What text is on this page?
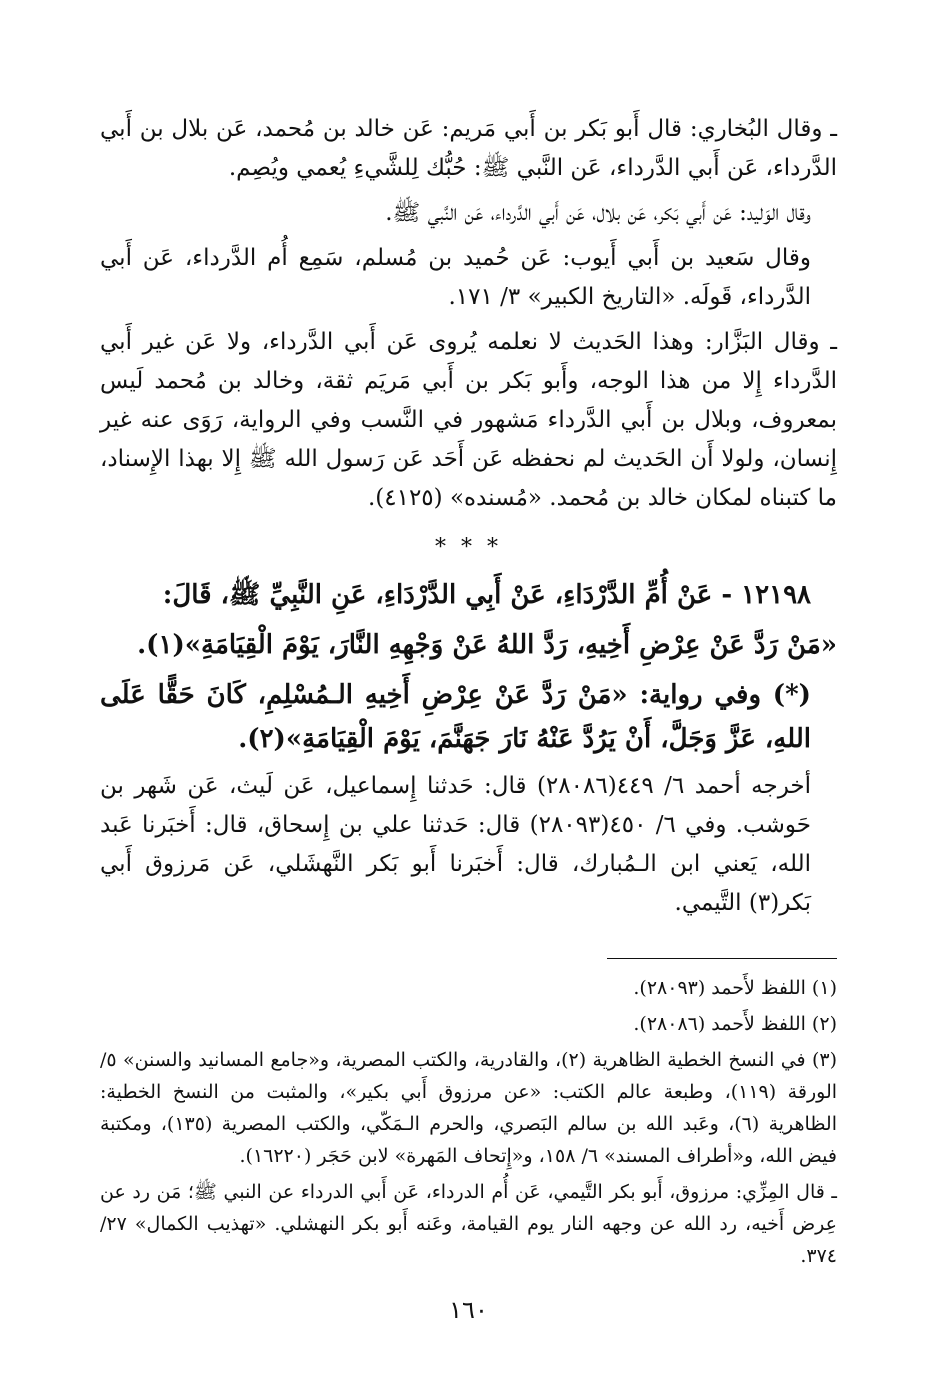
ـ وقال البُخاري: قال أَبو بَكر بن أَبي مَريم: عَن خالد بن مُحمد، عَن بلال بن أَبي الدَّرداء، عَن أَبي الدَّرداء، عَن النَّبي ﷺ: حُبُّك لِلشَّيءِ يُعمي ويُصِم.

وقال الوَليد: عَن أَبي بَكر، عَن بلال، عَن أَبي الدَّرداء، عَن النَّبي ﷺ.

وقال سَعيد بن أَبي أَيوب: عَن حُميد بن مُسلم، سَمِع أُم الدَّرداء، عَن أَبي الدَّرداء، قَولَه. «التاريخ الكبير» ٣/ ١٧١.

ـ وقال البَزَّار: وهذا الحَديث لا نعلمه يُروى عَن أَبي الدَّرداء، ولا عَن غير أَبي الدَّرداء إِلا من هذا الوجه، وأَبو بَكر بن أَبي مَريَم ثقة، وخالد بن مُحمد لَيس بمعروف، وبلال بن أَبي الدَّرداء مَشهور في النَّسب وفي الرواية، رَوَى عنه غير إِنسان، ولولا أَن الحَديث لم نحفظه عَن أَحَد عَن رَسول الله ﷺ إِلا بهذا الإِسناد، ما كتبناه لمكان خالد بن مُحمد. «مُسنده» (٤١٢٥).

* * *

١٢١٩٨ - عَنْ أُمِّ الدَّرْدَاءِ، عَنْ أَبِي الدَّرْدَاءِ، عَنِ النَّبِيِّ ﷺ، قَالَ:

«مَنْ رَدَّ عَنْ عِرْضِ أَخِيهِ، رَدَّ اللهُ عَنْ وَجْهِهِ النَّارَ، يَوْمَ الْقِيَامَةِ»(١).

(*) وفي رواية: «مَنْ رَدَّ عَنْ عِرْضِ أَخِيهِ الـمُسْلِمِ، كَانَ حَقًّا عَلَى اللهِ، عَزَّ وَجَلَّ، أَنْ يَرُدَّ عَنْهُ نَارَ جَهَنَّمَ، يَوْمَ الْقِيَامَةِ»(٢).

أخرجه أحمد ٦/ ٤٤٩(٢٨٠٨٦) قال: حَدثنا إِسماعيل، عَن لَيث، عَن شَهر بن حَوشب. وفي ٦/ ٤٥٠(٢٨٠٩٣) قال: حَدثنا علي بن إِسحاق، قال: أَخبَرنا عَبد الله، يَعني ابن الـمُبارك، قال: أَخبَرنا أَبو بَكر النَّهشَلي، عَن مَرزوق أَبي بَكر(٣) التَّيمي.

(١) اللفظ لأَحمد (٢٨٠٩٣).

(٢) اللفظ لأَحمد (٢٨٠٨٦).

(٣) في النسخ الخطية الظاهرية (٢)، والقادرية، والكتب المصرية، و«جامع المسانيد والسنن» ٥/ الورقة (١١٩)، وطبعة عالم الكتب: «عن مرزوق أَبي بكير»، والمثبت من النسخ الخطية: الظاهرية (٦)، وعَبد الله بن سالم البَصري، والحرم الـمَكّي، والكتب المصرية (١٣٥)، ومكتبة فيض الله، و«أطراف المسند» ٦/ ١٥٨، و«إِتحاف المَهرة» لابن حَجَر (١٦٢٢٠).

ـ قال المِزِّي: مرزوق، أَبو بكر التَّيمي، عَن أُم الدرداء، عَن أَبي الدرداء عن النبي ﷺ؛ مَن رد عن عِرض أَخيه، رد الله عن وجهه النار يوم القيامة، وعَنه أَبو بكر النهشلي. «تهذيب الكمال» ٢٧/ ٣٧٤.

١٦٠
